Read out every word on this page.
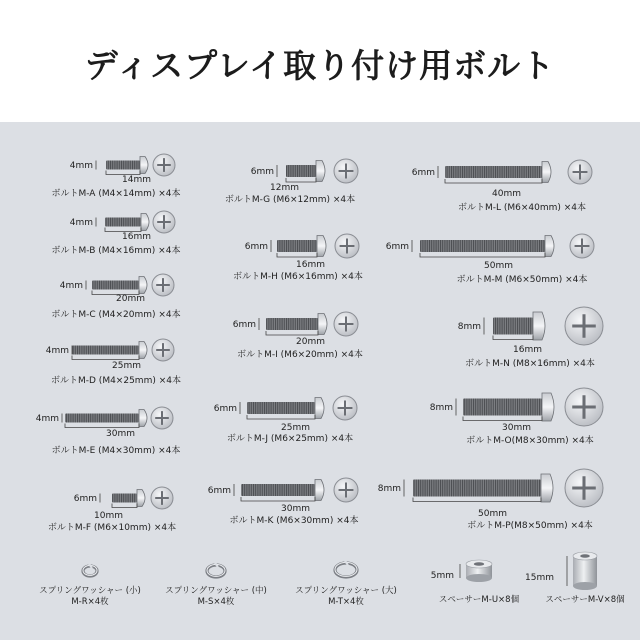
ディスプレイ取り付け用ボルト
4mm
14mm
ボルトM-A (M4×14mm) ×4本
4mm
16mm
ボルトM-B (M4×16mm) ×4本
4mm
20mm
ボルトM-C (M4×20mm) ×4本
4mm
25mm
ボルトM-D (M4×25mm) ×4本
4mm
30mm
ボルトM-E (M4×30mm) ×4本
6mm
10mm
ボルトM-F (M6×10mm) ×4本
6mm
12mm
ボルトM-G (M6×12mm) ×4本
6mm
16mm
ボルトM-H (M6×16mm) ×4本
6mm
20mm
ボルトM-I (M6×20mm) ×4本
6mm
25mm
ボルトM-J (M6×25mm) ×4本
6mm
30mm
ボルトM-K (M6×30mm) ×4本
6mm
40mm
ボルトM-L (M6×40mm) ×4本
6mm
50mm
ボルトM-M (M6×50mm) ×4本
8mm
16mm
ボルトM-N (M8×16mm) ×4本
8mm
30mm
ボルトM-O(M8×30mm) ×4本
8mm
50mm
ボルトM-P(M8×50mm) ×4本
スプリングワッシャー (小)
M-R×4枚
スプリングワッシャー (中)
M-S×4枚
スプリングワッシャー (大)
M-T×4枚
5mm
スペーサーM-U×8個
15mm
スペーサーM-V×8個
